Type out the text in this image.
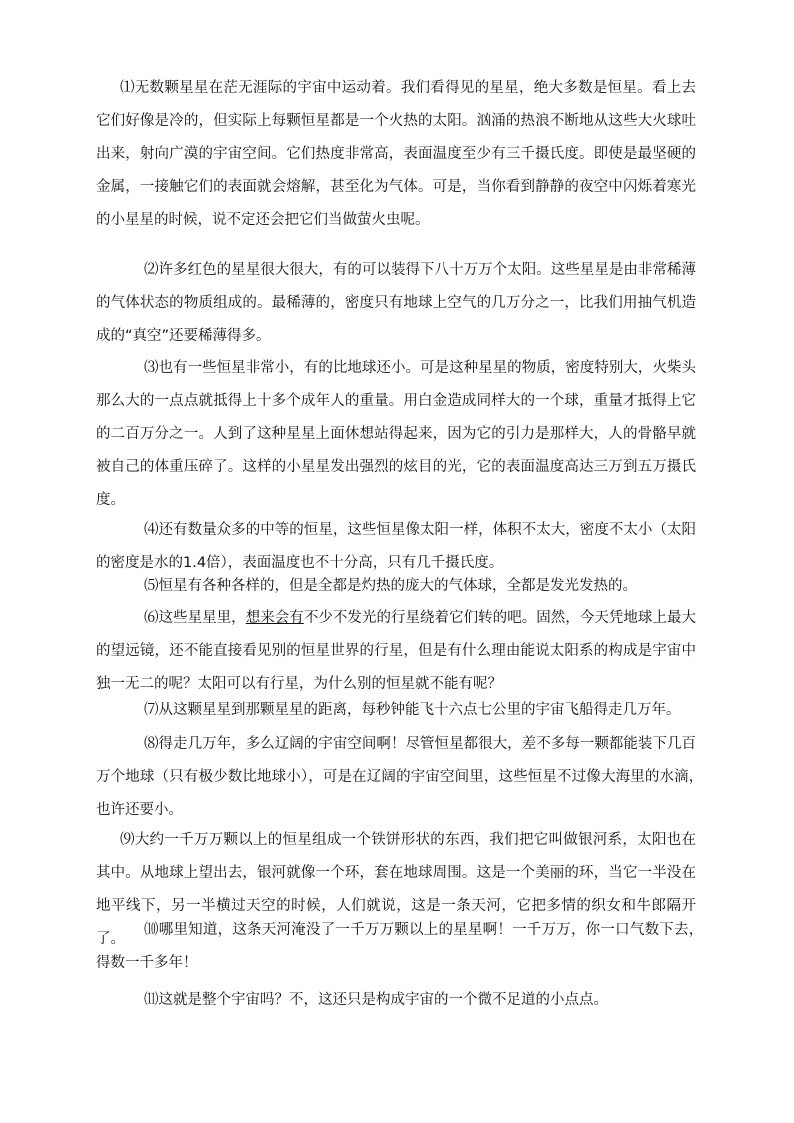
⑴无数颗星星在茫无涯际的宇宙中运动着。我们看得见的星星，绝大多数是恒星。看上去它们好像是冷的，但实际上每颗恒星都是一个火热的太阳。汹涌的热浪不断地从这些大火球吐出来，射向广漠的宇宙空间。它们热度非常高，表面温度至少有三千摄氏度。即使是最坚硬的金属，一接触它们的表面就会熔解，甚至化为气体。可是，当你看到静静的夜空中闪烁着寒光的小星星的时候，说不定还会把它们当做萤火虫呢。

⑵许多红色的星星很大很大，有的可以装得下八十万万个太阳。这些星星是由非常稀薄的气体状态的物质组成的。最稀薄的，密度只有地球上空气的几万分之一，比我们用抽气机造成的“真空”还要稀薄得多。

⑶也有一些恒星非常小，有的比地球还小。可是这种星星的物质，密度特别大，火柴头那么大的一点点就抵得上十多个成年人的重量。用白金造成同样大的一个球，重量才抵得上它的二百万分之一。人到了这种星星上面休想站得起来，因为它的引力是那样大，人的骨骼早就被自己的体重压碎了。这样的小星星发出强烈的炫目的光，它的表面温度高达三万到五万摄氏度。

⑷还有数量众多的中等的恒星，这些恒星像太阳一样，体积不太大，密度不太小（太阳的密度是水的1.4倍），表面温度也不十分高，只有几千摄氏度。

⑸恒星有各种各样的，但是全都是灼热的庞大的气体球，全都是发光发热的。

⑹这些星星里，想来会有不少不发光的行星绕着它们转的吧。固然，今天凭地球上最大的望远镜，还不能直接看见别的恒星世界的行星，但是有什么理由能说太阳系的构成是宇宙中独一无二的呢？太阳可以有行星，为什么别的恒星就不能有呢？

⑺从这颗星星到那颗星星的距离，每秒钟能飞十六点七公里的宇宙飞船得走几万年。

⑻得走几万年，多么辽阔的宇宙空间啊！尽管恒星都很大，差不多每一颗都能装下几百万个地球（只有极少数比地球小），可是在辽阔的宇宙空间里，这些恒星不过像大海里的水滴，　也许还要小。

⑼大约一千万万颗以上的恒星组成一个铁饼形状的东西，我们把它叫做银河系，太阳也在其中。从地球上望出去，银河就像一个环，套在地球周围。这是一个美丽的环，当它一半没在地平线下，另一半横过天空的时候，人们就说，这是一条天河，它把多情的织女和牛郎隔开了。

⑽哪里知道，这条天河淹没了一千万万颗以上的星星啊！一千万万，你一口气数下去，　得数一千多年！

⑾这就是整个宇宙吗？不，这还只是构成宇宙的一个微不足道的小点点。
